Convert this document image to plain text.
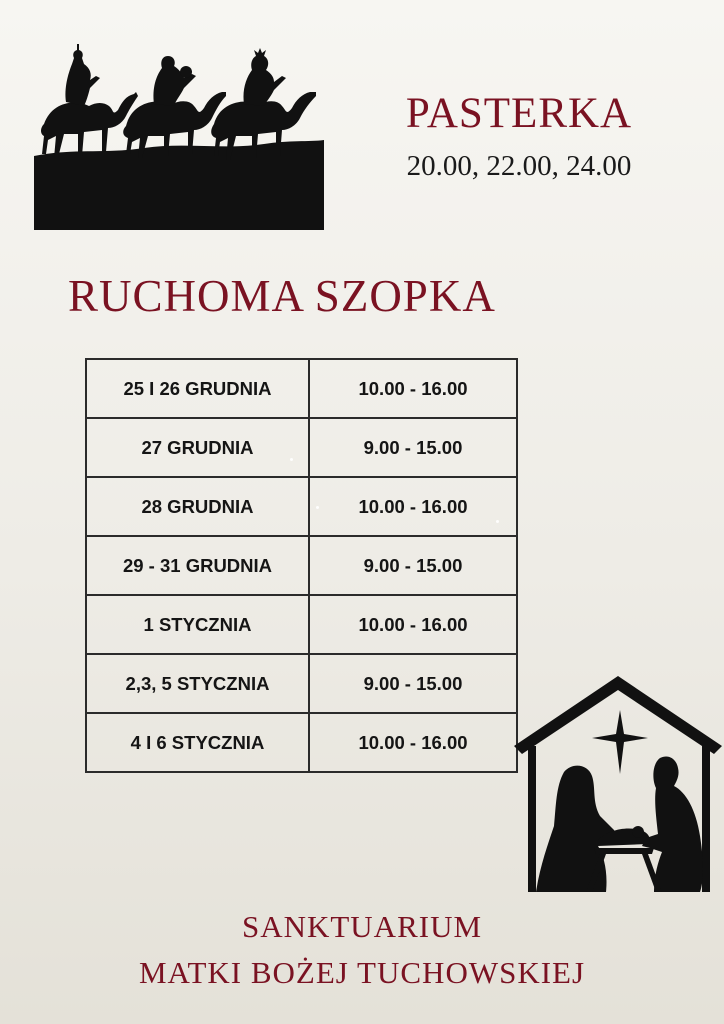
PASTERKA
20.00, 22.00, 24.00
RUCHOMA SZOPKA
25 I 26 GRUDNIA	10.00 - 16.00
27 GRUDNIA	9.00 - 15.00
28 GRUDNIA	10.00 - 16.00
29 - 31 GRUDNIA	9.00 - 15.00
1 STYCZNIA	10.00 - 16.00
2,3, 5 STYCZNIA	9.00 - 15.00
4 I 6 STYCZNIA	10.00 - 16.00
SANKTUARIUM
MATKI BOŻEJ TUCHOWSKIEJ
